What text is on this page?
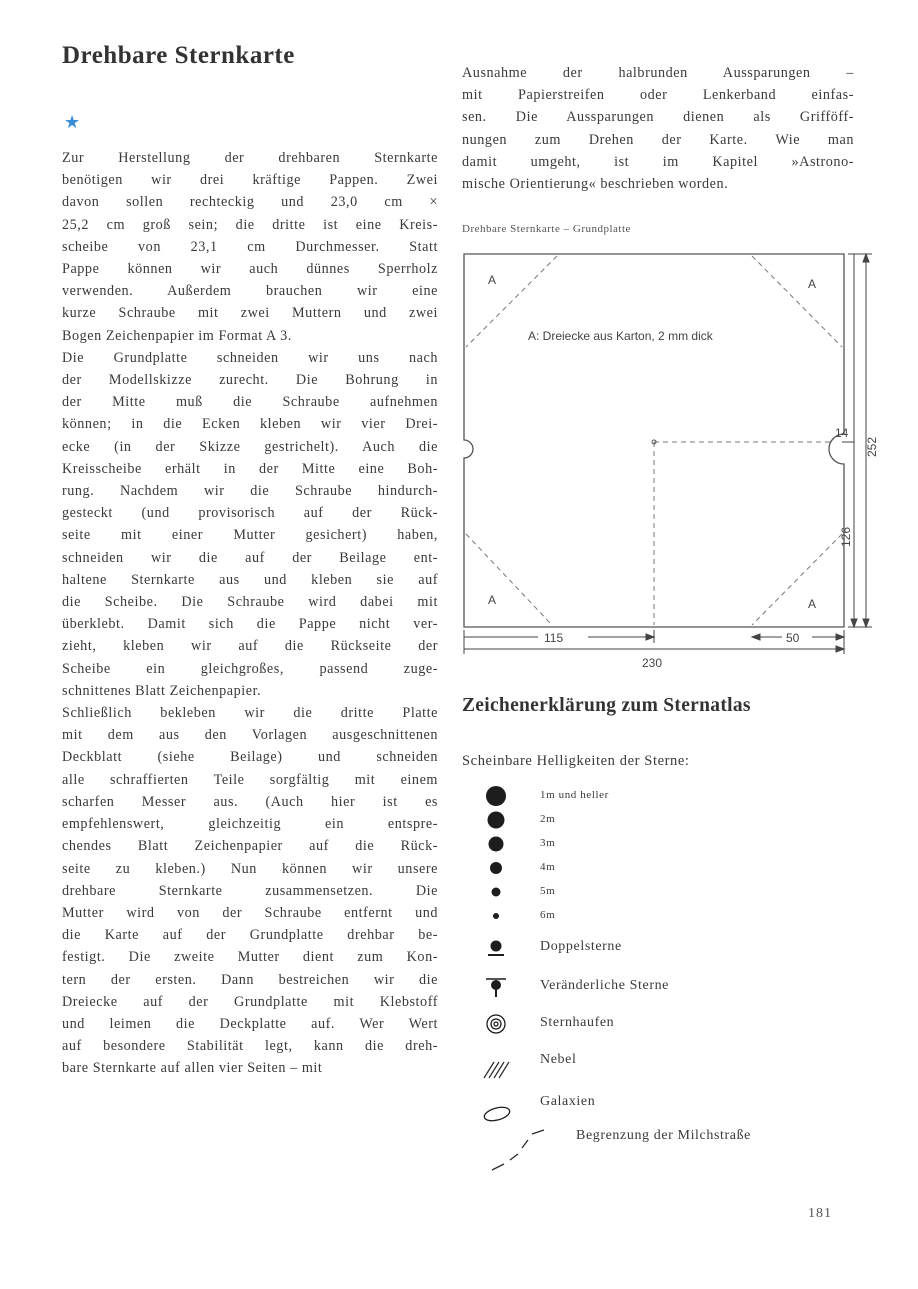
Drehbare Sternkarte
★

Zur Herstellung der drehbaren Sternkarte
benötigen wir drei kräftige Pappen. Zwei
davon sollen rechteckig und 23,0 cm ×
25,2 cm groß sein; die dritte ist eine Kreis-
scheibe von 23,1 cm Durchmesser. Statt
Pappe können wir auch dünnes Sperrholz
verwenden. Außerdem brauchen wir eine
kurze Schraube mit zwei Muttern und zwei
Bogen Zeichenpapier im Format A 3.

Die Grundplatte schneiden wir uns nach
der Modellskizze zurecht. Die Bohrung in
der Mitte muß die Schraube aufnehmen
können; in die Ecken kleben wir vier Drei-
ecke (in der Skizze gestrichelt). Auch die
Kreisscheibe erhält in der Mitte eine Boh-
rung. Nachdem wir die Schraube hindurch-
gesteckt (und provisorisch auf der Rück-
seite mit einer Mutter gesichert) haben,
schneiden wir die auf der Beilage ent-
haltene Sternkarte aus und kleben sie auf
die Scheibe. Die Schraube wird dabei mit
überklebt. Damit sich die Pappe nicht ver-
zieht, kleben wir auf die Rückseite der
Scheibe ein gleichgroßes, passend zuge-
schnittenes Blatt Zeichenpapier.

Schließlich bekleben wir die dritte Platte
mit dem aus den Vorlagen ausgeschnittenen
Deckblatt (siehe Beilage) und schneiden
alle schraffierten Teile sorgfältig mit einem
scharfen Messer aus. (Auch hier ist es
empfehlenswert, gleichzeitig ein entspre-
chendes Blatt Zeichenpapier auf die Rück-
seite zu kleben.) Nun können wir unsere
drehbare Sternkarte zusammensetzen. Die
Mutter wird von der Schraube entfernt und
die Karte auf der Grundplatte drehbar be-
festigt. Die zweite Mutter dient zum Kon-
tern der ersten. Dann bestreichen wir die
Dreiecke auf der Grundplatte mit Klebstoff
und leimen die Deckplatte auf. Wer Wert
auf besondere Stabilität legt, kann die dreh-
bare Sternkarte auf allen vier Seiten – mit

Ausnahme der halbrunden Aussparungen –
mit Papierstreifen oder Lenkerband einfas-
sen. Die Aussparungen dienen als Grifföff-
nungen zum Drehen der Karte. Wie man
damit umgeht, ist im Kapitel »Astrono-
mische Orientierung« beschrieben worden.

Drehbare Sternkarte – Grundplatte
A	A
A	A
A: Dreiecke aus Karton, 2 mm dick
252
126
14
115	50
230
Zeichenerklärung zum Sternatlas
Scheinbare Helligkeiten der Sterne:
1m und heller
2m
3m
4m
5m
6m
Doppelsterne
Veränderliche Sterne
Sternhaufen
Nebel
Galaxien
Begrenzung der Milchstraße
181
